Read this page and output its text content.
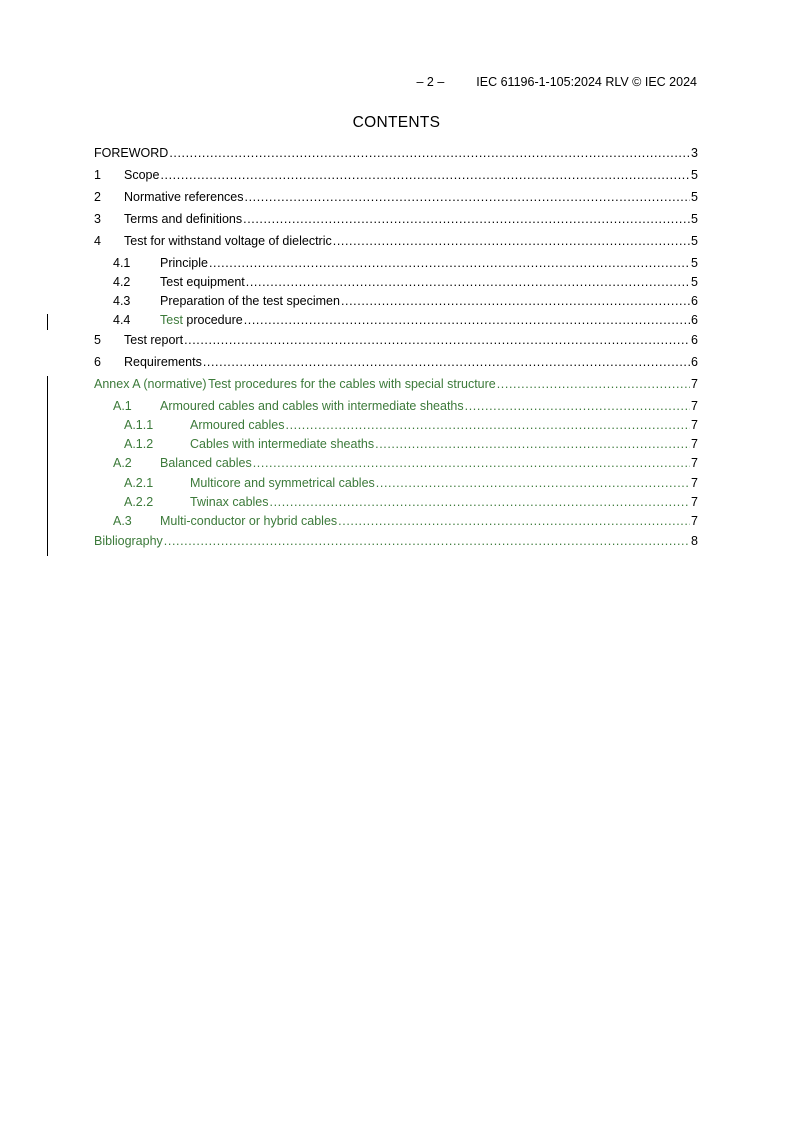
– 2 –	IEC 61196-1-105:2024 RLV © IEC 2024
CONTENTS
FOREWORD .....	3
1	Scope .....	5
2	Normative references .....	5
3	Terms and definitions .....	5
4	Test for withstand voltage of dielectric .....	5
4.1	Principle .....	5
4.2	Test equipment .....	5
4.3	Preparation of the test specimen .....	6
4.4	Test procedure .....	6
5	Test report .....	6
6	Requirements .....	6
Annex A (normative) Test procedures for the cables with special structure .....	7
A.1	Armoured cables and cables with intermediate sheaths .....	7
A.1.1	Armoured cables .....	7
A.1.2	Cables with intermediate sheaths .....	7
A.2	Balanced cables .....	7
A.2.1	Multicore and symmetrical cables .....	7
A.2.2	Twinax cables .....	7
A.3	Multi-conductor or hybrid cables .....	7
Bibliography .....	8
